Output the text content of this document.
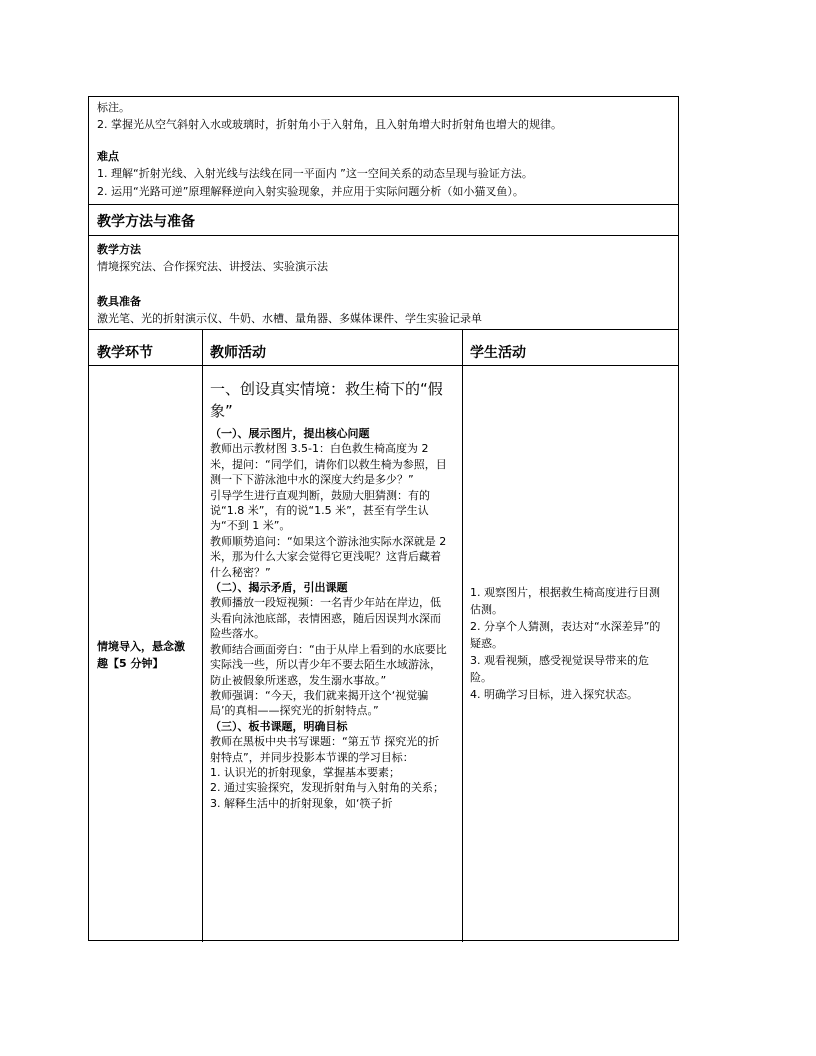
标注。
2. 掌握光从空气斜射入水或玻璃时，折射角小于入射角，且入射角增大时折射角也增大的规律。
难点
1. 理解“折射光线、入射光线与法线在同一平面内 ”这一空间关系的动态呈现与验证方法。
2. 运用“光路可逆”原理解释逆向入射实验现象，并应用于实际问题分析（如小猫叉鱼）。
教学方法与准备
教学方法
情境探究法、合作探究法、讲授法、实验演示法
教具准备
激光笔、光的折射演示仪、牛奶、水槽、量角器、多媒体课件、学生实验记录单
教学环节	教师活动	学生活动
情境导入，悬念激趣【5 分钟】
一、创设真实情境：救生椅下的“假象”

（一）、展示图片，提出核心问题

教师出示教材图 3.5-1：白色救生椅高度为 2 米，提问：“同学们，请你们以救生椅为参照，目测一下下游泳池中水的深度大约是多少？”

引导学生进行直观判断，鼓励大胆猜测：有的说“1.8 米”，有的说“1.5 米”，甚至有学生认为“不到 1 米”。

教师顺势追问：“如果这个游泳池实际水深就是 2 米，那为什么大家会觉得它更浅呢？这背后藏着什么秘密？”

（二）、揭示矛盾，引出课题

教师播放一段短视频：一名青少年站在岸边，低头看向泳池底部，表情困惑，随后因误判水深而险些落水。

教师结合画面旁白：“由于从岸上看到的水底要比实际浅一些，所以青少年不要去陌生水域游泳，防止被假象所迷惑，发生溺水事故。”

教师强调：“今天，我们就来揭开这个‘视觉骗局’的真相——探究光的折射特点。”

（三）、板书课题，明确目标

教师在黑板中央书写课题：“第五节 探究光的折射特点”，并同步投影本节课的学习目标：

1. 认识光的折射现象，掌握基本要素；

2. 通过实验探究，发现折射角与入射角的关系；

3. 解释生活中的折射现象，如‘筷子折

1. 观察图片，根据救生椅高度进行目测估测。

2. 分享个人猜测，表达对“水深差异”的疑惑。

3. 观看视频，感受视觉误导带来的危险。

4. 明确学习目标，进入探究状态。
